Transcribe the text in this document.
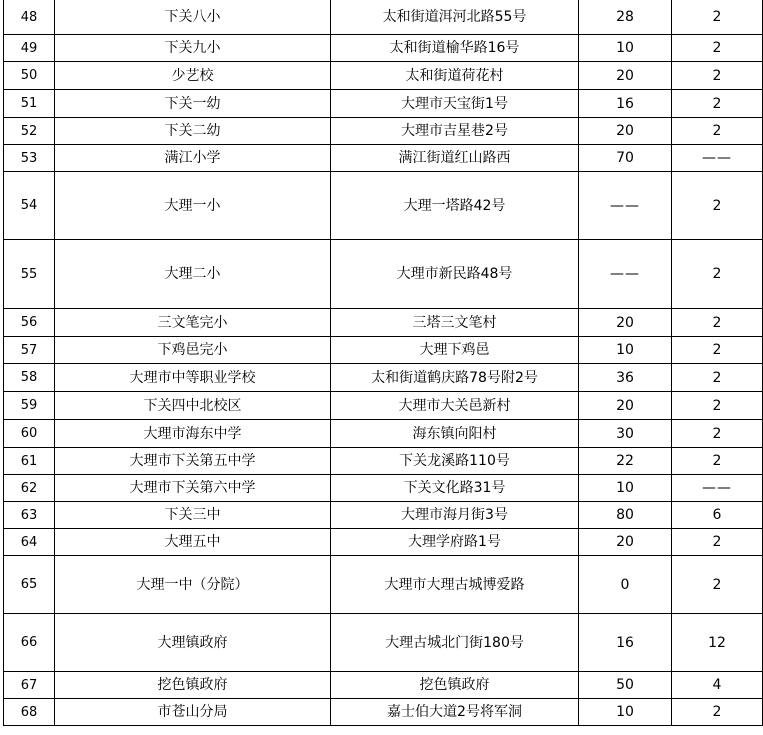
48	下关八小	太和街道洱河北路55号	28	2
49	下关九小	太和街道榆华路16号	10	2
50	少艺校	太和街道荷花村	20	2
51	下关一幼	大理市天宝街1号	16	2
52	下关二幼	大理市吉星巷2号	20	2
53	满江小学	满江街道红山路西	70	——
54	大理一小	大理一塔路42号	——	2
55	大理二小	大理市新民路48号	——	2
56	三文笔完小	三塔三文笔村	20	2
57	下鸡邑完小	大理下鸡邑	10	2
58	大理市中等职业学校	太和街道鹤庆路78号附2号	36	2
59	下关四中北校区	大理市大关邑新村	20	2
60	大理市海东中学	海东镇向阳村	30	2
61	大理市下关第五中学	下关龙溪路110号	22	2
62	大理市下关第六中学	下关文化路31号	10	——
63	下关三中	大理市海月街3号	80	6
64	大理五中	大理学府路1号	20	2
65	大理一中（分院）	大理市大理古城博爱路	0	2
66	大理镇政府	大理古城北门街180号	16	12
67	挖色镇政府	挖色镇政府	50	4
68	市苍山分局	嘉士伯大道2号将军洞	10	2
